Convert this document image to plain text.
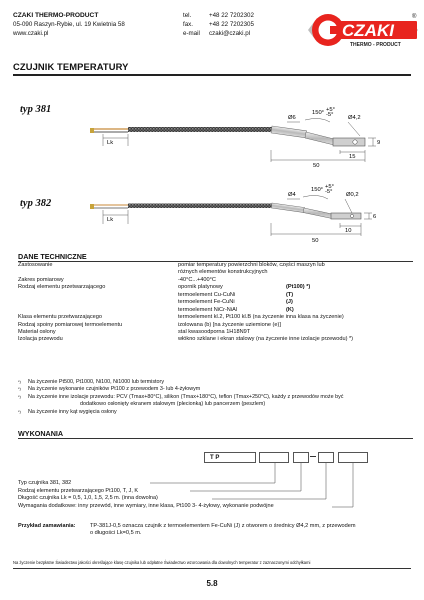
CZAKI THERMO-PRODUCT
05-090 Raszyn-Rybie, ul. 19 Kwietnia 58
www.czaki.pl
tel.	+48 22 7202302
fax.	+48 22 7202305
e-mail czaki@czaki.pl	CZAKI
®
THERMO - PRODUCT
CZUJNIK TEMPERATURY
typ 381
Lk
Ø6
150° +5°
-5°	Ø4,2
50
15
9
typ 382
Lk
Ø4
150° +5°
-5° Ø0,2
50
10
6
DANE TECHNICZNE
Zastosowanie	pomiar temperatury powierzchni bloków, części maszyn lub
różnych elementów konstrukcyjnych
Zakres pomiarowy	-40°C...+400°C
Rodzaj elementu przetwarzającego	opornik platynowy	(Pt100) *)
termoelement Cu-CuNi	(T)
termoelement Fe-CuNi	(J)
termoelement NiCr-NiAl	(K)
Klasa elementu przetwarzającego	termoelement kl.2, Pt100 kl.B (na życzenie inna klasa na życzenie)
Rodzaj spoiny pomiarowej termoelementu	izolowana (b) [na życzenie uziemione (e)]
Materiał osłony	stal kwasoodporna 1H18N9T
Izolacja przewodu	włókno szklane i ekran stalowy (na życzenie inne izolacje przewodu) *)
*) Na życzenie Pt500, Pt1000, Ni100, Ni1000 lub termistory
*) Na życzenie wykonanie czujników Pt100 z przewodem 3- lub 4-żyłowym
*) Na życzenie inne izolacje przewodu: PCV (Tmax+80°C), silikon (Tmax+180°C), teflon (Tmax+250°C), każdy z przewodów może być
dodatkowo osłonięty ekranem stalowym (plecionką) lub pancerzem (peszlem)
*) Na życzenie inny kąt wygięcia osłony
WYKONANIA
T P
Typ czujnika 381, 382
Rodzaj elementu przetwarzającego Pt100, T, J, K
Długość czujnika Lk = 0,5, 1,0, 1,5, 2,5 m. (inna dowolna)
Wymagania dodatkowe: inny przewód, inne wymiary, inne klasa, Pt100 3- 4-żyłowy, wykonanie podwójne
Przykład zamawiania:	TP-381J-0,5 oznacza czujnik z termoelementem Fe-CuNi (J) z otworem o średnicy Ø4,2 mm, z przewodem
o długości Lk=0,5 m.
Na życzenie bezpłatne Świadectwo jakości określające klasę czujnika lub odpłatne Świadectwo wzorcowania dla dowolnych temperatur z zaznaczonymi odchyłkami
5.8
